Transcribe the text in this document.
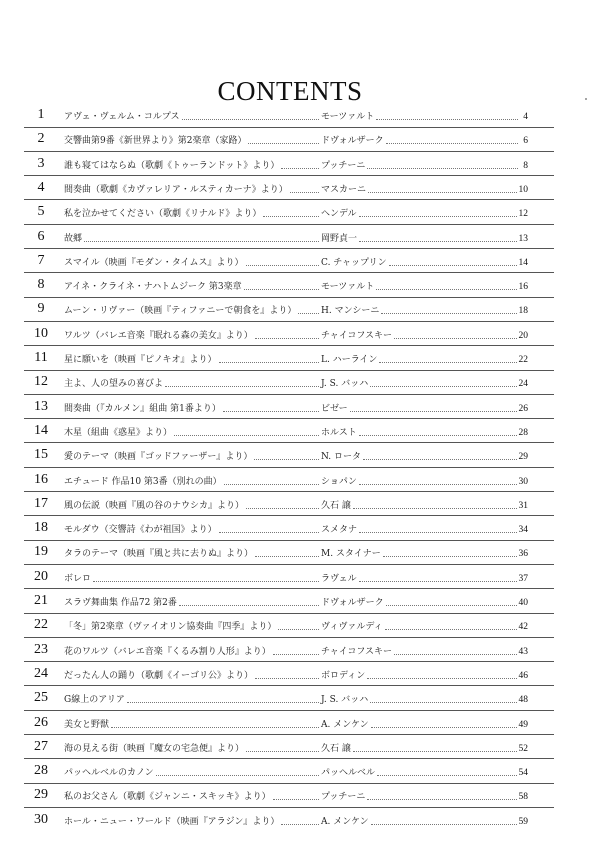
CONTENTS
1	アヴェ・ヴェルム・コルプス	モーツァルト	4
2	交響曲第9番《新世界より》第2楽章（家路）	ドヴォルザーク	6
3	誰も寝てはならぬ（歌劇《トゥーランドット》より）	プッチーニ	8
4	間奏曲（歌劇《カヴァレリア・ルスティカーナ》より）	マスカーニ	10
5	私を泣かせてください（歌劇《リナルド》より）	ヘンデル	12
6	故郷	岡野貞一	13
7	スマイル（映画『モダン・タイムス』より）	C. チャップリン	14
8	アイネ・クライネ・ナハトムジーク 第3楽章	モーツァルト	16
9	ムーン・リヴァー（映画『ティファニーで朝食を』より）	H. マンシーニ	18
10	ワルツ（バレエ音楽『眠れる森の美女』より）	チャイコフスキー	20
11	星に願いを（映画『ピノキオ』より）	L. ハーライン	22
12	主よ、人の望みの喜びよ	J. S. バッハ	24
13	間奏曲（『カルメン』組曲 第1番より）	ビゼー	26
14	木星（組曲《惑星》より）	ホルスト	28
15	愛のテーマ（映画『ゴッドファーザー』より）	N. ロータ	29
16	エチュード 作品10 第3番（別れの曲）	ショパン	30
17	風の伝説（映画『風の谷のナウシカ』より）	久石 譲	31
18	モルダウ（交響詩《わが祖国》より）	スメタナ	34
19	タラのテーマ（映画『風と共に去りぬ』より）	M. スタイナー	36
20	ボレロ	ラヴェル	37
21	スラヴ舞曲集 作品72 第2番	ドヴォルザーク	40
22	「冬」第2楽章（ヴァイオリン協奏曲『四季』より）	ヴィヴァルディ	42
23	花のワルツ（バレエ音楽『くるみ割り人形』より）	チャイコフスキー	43
24	だったん人の踊り（歌劇《イーゴリ公》より）	ボロディン	46
25	G線上のアリア	J. S. バッハ	48
26	美女と野獣	A. メンケン	49
27	海の見える街（映画『魔女の宅急便』より）	久石 譲	52
28	パッヘルベルのカノン	パッヘルベル	54
29	私のお父さん（歌劇《ジャンニ・スキッキ》より）	プッチーニ	58
30	ホール・ニュー・ワールド（映画『アラジン』より）	A. メンケン	59
